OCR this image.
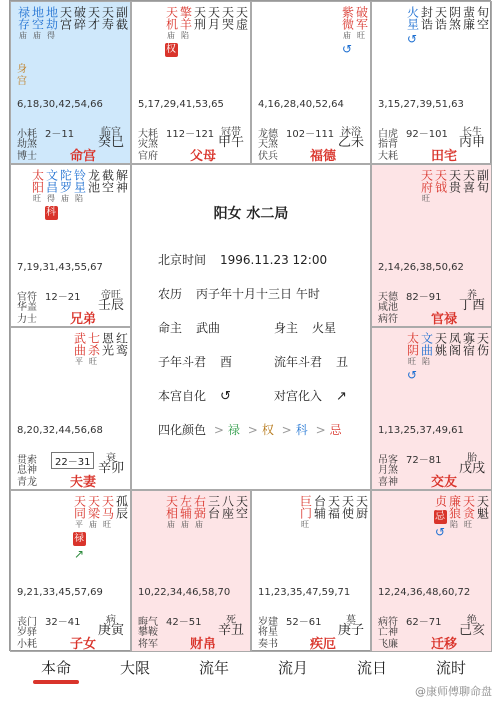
副截
天寿
天才
破碎
天宫
地劫
得
地空
庙
禄存
庙
身宫
6,18,30,42,54,66
小耗 2－11
劫煞
博士
临官
命宫
癸巳
天虚
天哭
天月
天刑
擎羊
陷
天机
庙
权
5,17,29,41,53,65
大耗 112－121
灾煞
官府
冠带
父母
甲午
破军
旺
紫微
庙
↺
4,16,28,40,52,64
龙德 102－111
天煞
伏兵
沐浴
福德
乙未
旬空
蜚廉
阴煞
天诰
封诰
火星
↺
3,15,27,39,51,63
白虎 92－101
指背
大耗
长生
田宅
丙申
解神
截空
龙池
铃星
陷
陀罗
庙
文昌
得
科
太阳
旺
7,19,31,43,55,67
官符 12－21
华盖
力士
帝旺
兄弟
壬辰
副旬
天喜
天贵
天钺
天府
旺
2,14,26,38,50,62
天德 82－91
咸池
病符
养
官禄
丁酉
红鸾
恩光
七杀
旺
武曲
平
8,20,32,44,56,68
贯索
息神
青龙
衰
夫妻
辛卯
22－31
天伤
寡宿
凤阁
天姚
文曲
陷
太阴
旺
↺
1,13,25,37,49,61
吊客 72－81
月煞
喜神
胎
交友
戊戌
孤辰
天马
旺
天梁
庙
天同
平
禄
↗
9,21,33,45,57,69
丧门 32－41
岁驿
小耗
病
子女
庚寅
天空
八座
三台
右弼
庙
左辅
庙
天相
庙
10,22,34,46,58,70
晦气 42－51
攀鞍
将军
死
财帛
辛丑
天厨
天使
天福
台辅
巨门
旺
11,23,35,47,59,71
岁建 52－61
将星
奏书
墓
疾厄
庚子
天魁
天贪
旺
廉狼
陷
贞
忌
↺
12,24,36,48,60,72
病符 62－71
亡神
飞廉
绝
迁移
己亥
阳女 水二局
北京时间 1996.11.23 12:00
农历 丙子年十月十三日 午时
命主 武曲	身主 火星
子年斗君 酉	流年斗君 丑
本宫自化 ↺	对宫化入 ↗
四化颜色 > 禄 > 权 > 科 > 忌
本命	大限	流年	流月	流日	流时
@康师傅聊命盘
